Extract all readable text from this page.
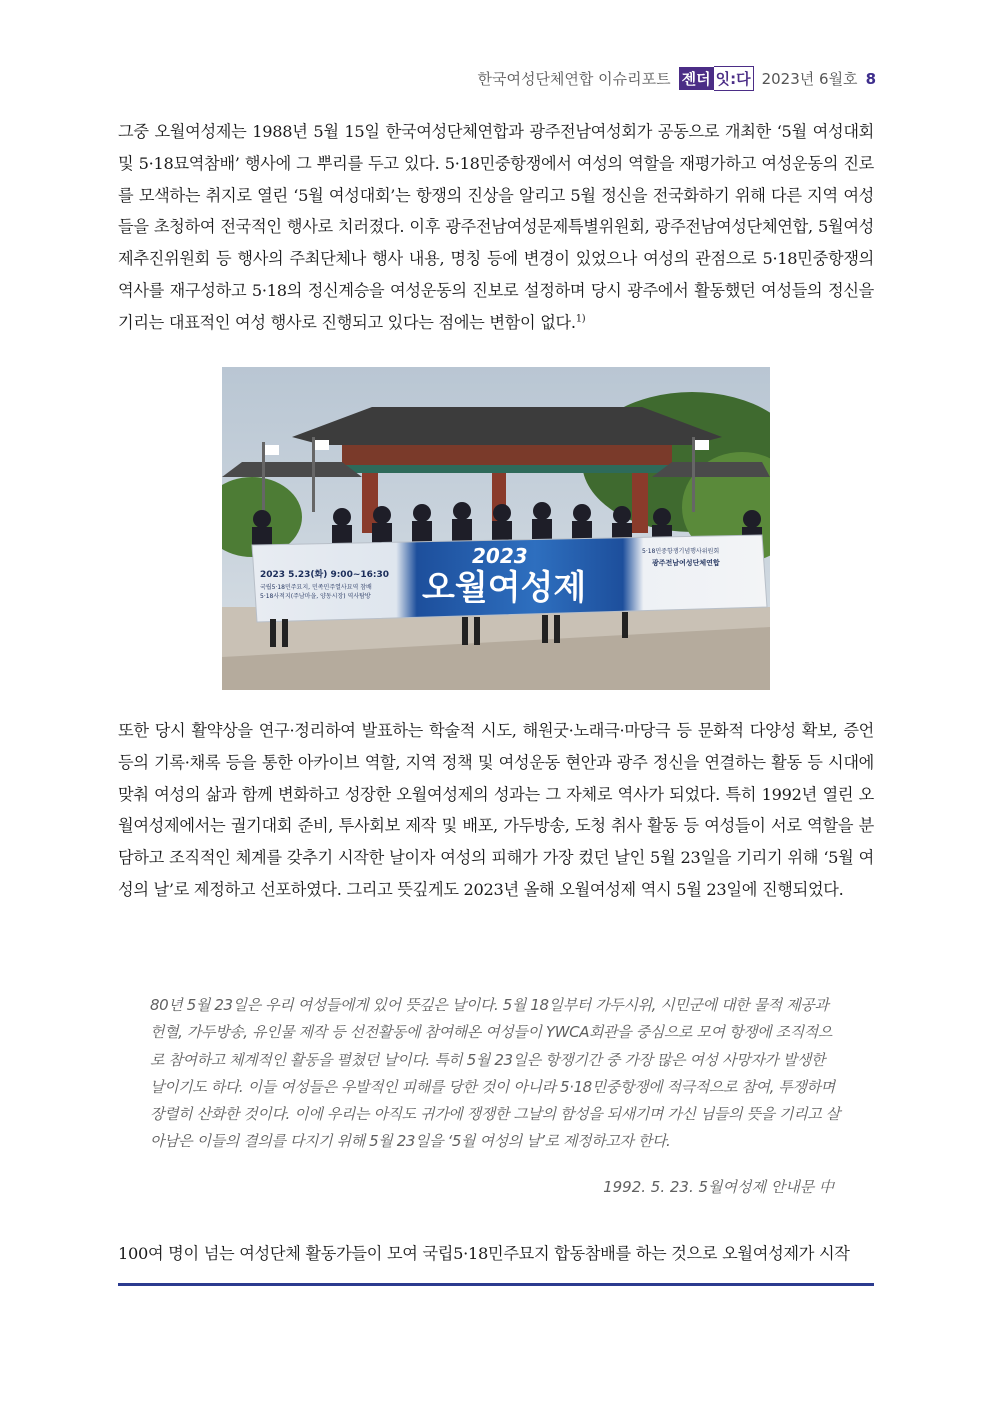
한국여성단체연합 이슈리포트 젠더 잇:다 2023년 6월호 8

그중 오월여성제는 1988년 5월 15일 한국여성단체연합과 광주전남여성회가 공동으로 개최한 ‘5월 여성대회 및 5·18묘역참배’ 행사에 그 뿌리를 두고 있다. 5·18민중항쟁에서 여성의 역할을 재평가하고 여성운동의 진로를 모색하는 취지로 열린 ‘5월 여성대회’는 항쟁의 진상을 알리고 5월 정신을 전국화하기 위해 다른 지역 여성들을 초청하여 전국적인 행사로 치러졌다. 이후 광주전남여성문제특별위원회, 광주전남여성단체연합, 5월여성제추진위원회 등 행사의 주최단체나 행사 내용, 명칭 등에 변경이 있었으나 여성의 관점으로 5·18민중항쟁의 역사를 재구성하고 5·18의 정신계승을 여성운동의 진보로 설정하며 당시 광주에서 활동했던 여성들의 정신을 기리는 대표적인 여성 행사로 진행되고 있다는 점에는 변함이 없다.$^{1)}$

2023
오월여성제
2023 5.23(화) 9:00~16:30
국립5·18민주묘지, 민족민주열사묘역 참배
5·18사적지(주남마을, 양동시장) 역사탐방
5·18민중항쟁기념행사위원회
광주전남여성단체연합

또한 당시 활약상을 연구·정리하여 발표하는 학술적 시도, 해원굿·노래극·마당극 등 문화적 다양성 확보, 증언 등의 기록·채록 등을 통한 아카이브 역할, 지역 정책 및 여성운동 현안과 광주 정신을 연결하는 활동 등 시대에 맞춰 여성의 삶과 함께 변화하고 성장한 오월여성제의 성과는 그 자체로 역사가 되었다. 특히 1992년 열린 오월여성제에서는 궐기대회 준비, 투사회보 제작 및 배포, 가두방송, 도청 취사 활동 등 여성들이 서로 역할을 분담하고 조직적인 체계를 갖추기 시작한 날이자 여성의 피해가 가장 컸던 날인 5월 23일을 기리기 위해 ‘5월 여성의 날’로 제정하고 선포하였다. 그리고 뜻깊게도 2023년 올해 오월여성제 역시 5월 23일에 진행되었다.

80년 5월 23일은 우리 여성들에게 있어 뜻깊은 날이다. 5월 18일부터 가두시위, 시민군에 대한 물적 제공과 헌혈, 가두방송, 유인물 제작 등 선전활동에 참여해온 여성들이 YWCA회관을 중심으로 모여 항쟁에 조직적으로 참여하고 체계적인 활동을 펼쳤던 날이다. 특히 5월 23일은 항쟁기간 중 가장 많은 여성 사망자가 발생한 날이기도 하다. 이들 여성들은 우발적인 피해를 당한 것이 아니라 5·18민중항쟁에 적극적으로 참여, 투쟁하며 장렬히 산화한 것이다. 이에 우리는 아직도 귀가에 쟁쟁한 그날의 함성을 되새기며 가신 님들의 뜻을 기리고 살아남은 이들의 결의를 다지기 위해 5월 23일을 ‘5월 여성의 날’로 제정하고자 한다.

1992. 5. 23. 5월여성제 안내문 中

100여 명이 넘는 여성단체 활동가들이 모여 국립5·18민주묘지 합동참배를 하는 것으로 오월여성제가 시작
